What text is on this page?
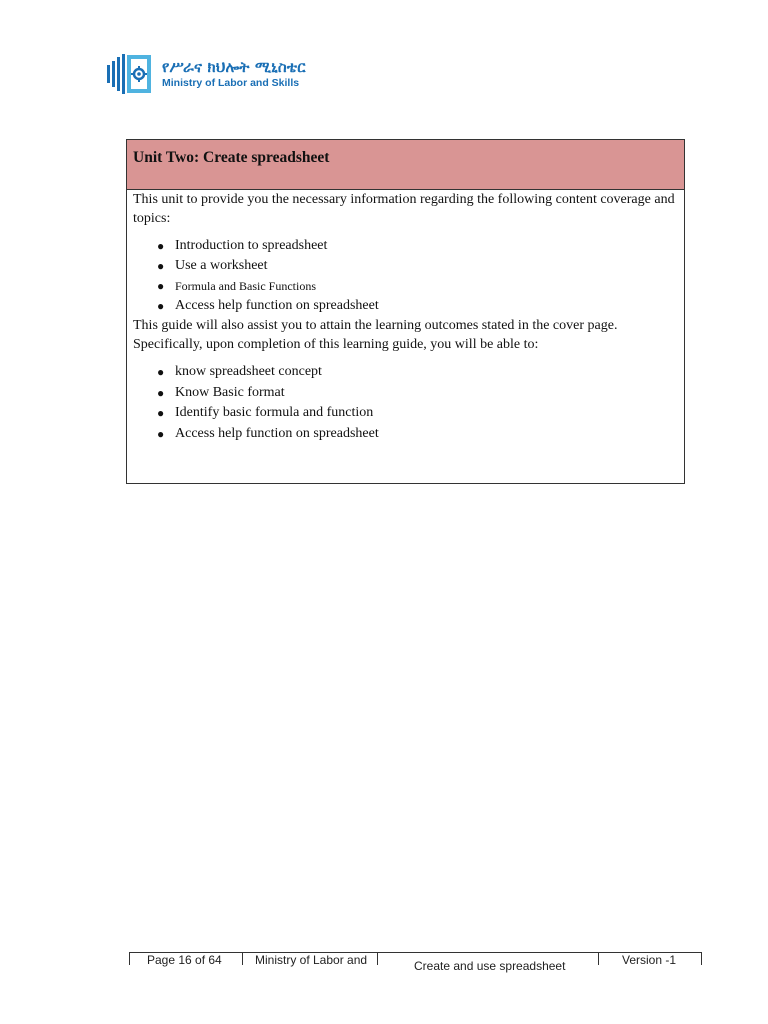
የሥራና ክህሎት ሚኒስቴር
Ministry of Labor and Skills
Unit Two: Create spreadsheet

This unit to provide you the necessary information regarding the following content coverage and topics:

● Introduction to spreadsheet
● Use a worksheet
● Formula and Basic Functions
● Access help function on spreadsheet

This guide will also assist you to attain the learning outcomes stated in the cover page. Specifically, upon completion of this learning guide, you will be able to:

● know spreadsheet concept
● Know Basic format
● Identify basic formula and function
● Access help function on spreadsheet
Page 16 of 64	Ministry of Labor and	Create and use spreadsheet	Version -1
